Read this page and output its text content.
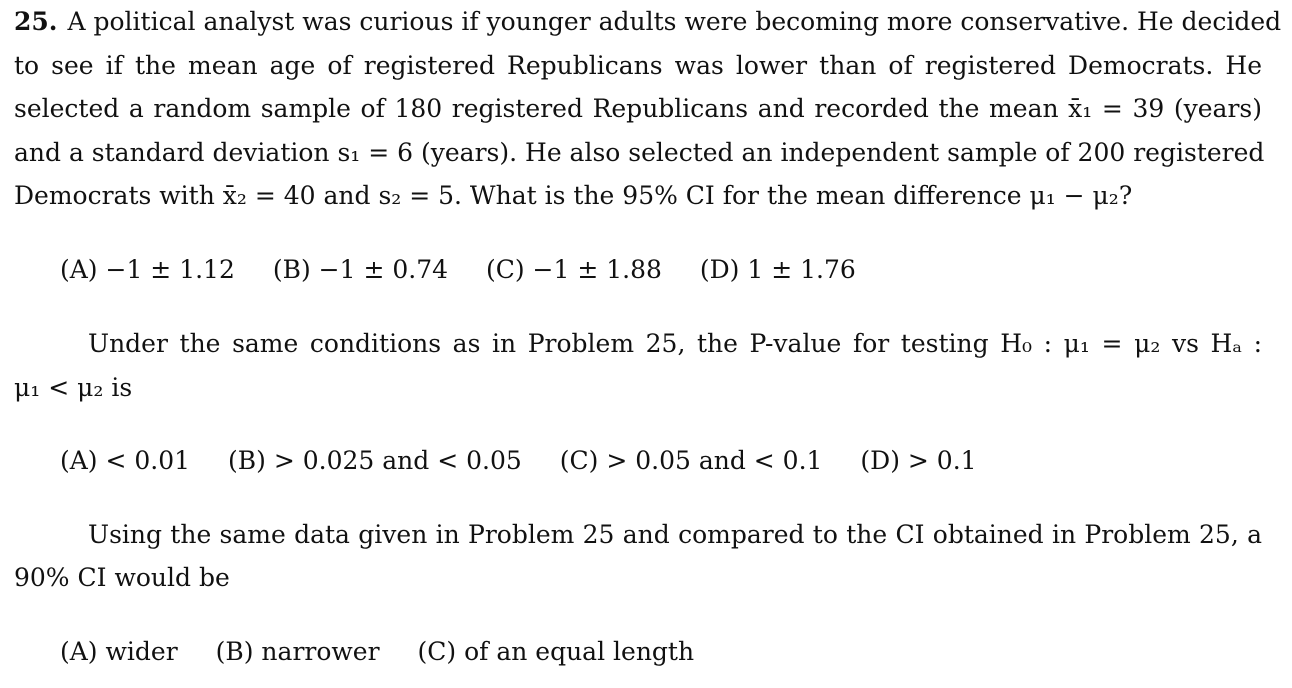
25. A political analyst was curious if younger adults were becoming more conservative. He decided
to see if the mean age of registered Republicans was lower than of registered Democrats. He
selected a random sample of 180 registered Republicans and recorded the mean x̄₁ = 39 (years)
and a standard deviation s₁ = 6 (years). He also selected an independent sample of 200 registered
Democrats with x̄₂ = 40 and s₂ = 5. What is the 95% CI for the mean difference μ₁ − μ₂?
(A) −1 ± 1.12 (B) −1 ± 0.74 (C) −1 ± 1.88 (D) 1 ± 1.76
Under the same conditions as in Problem 25, the P-value for testing H₀ : μ₁ = μ₂ vs Hₐ :
μ₁ < μ₂ is
(A) < 0.01 (B) > 0.025 and < 0.05 (C) > 0.05 and < 0.1 (D) > 0.1
Using the same data given in Problem 25 and compared to the CI obtained in Problem 25, a
90% CI would be
(A) wider (B) narrower (C) of an equal length
